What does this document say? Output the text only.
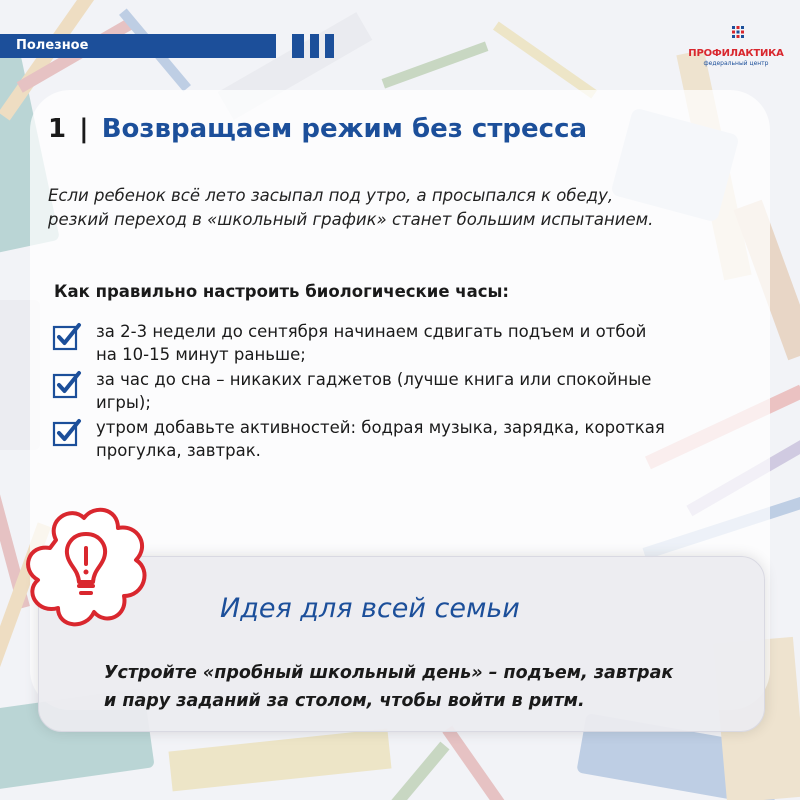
Полезное
ПРОФИЛАКТИКА
федеральный центр
1 | Возвращаем режим без стресса
Если ребенок всё лето засыпал под утро, а просыпался к обеду,
резкий переход в «школьный график» станет большим испытанием.
Как правильно настроить биологические часы:
за 2-3 недели до сентября начинаем сдвигать подъем и отбой
на 10-15 минут раньше;
за час до сна – никаких гаджетов (лучше книга или спокойные
игры);
утром добавьте активностей: бодрая музыка, зарядка, короткая
прогулка, завтрак.
Идея для всей семьи
Устройте «пробный школьный день» – подъем, завтрак
и пару заданий за столом, чтобы войти в ритм.
